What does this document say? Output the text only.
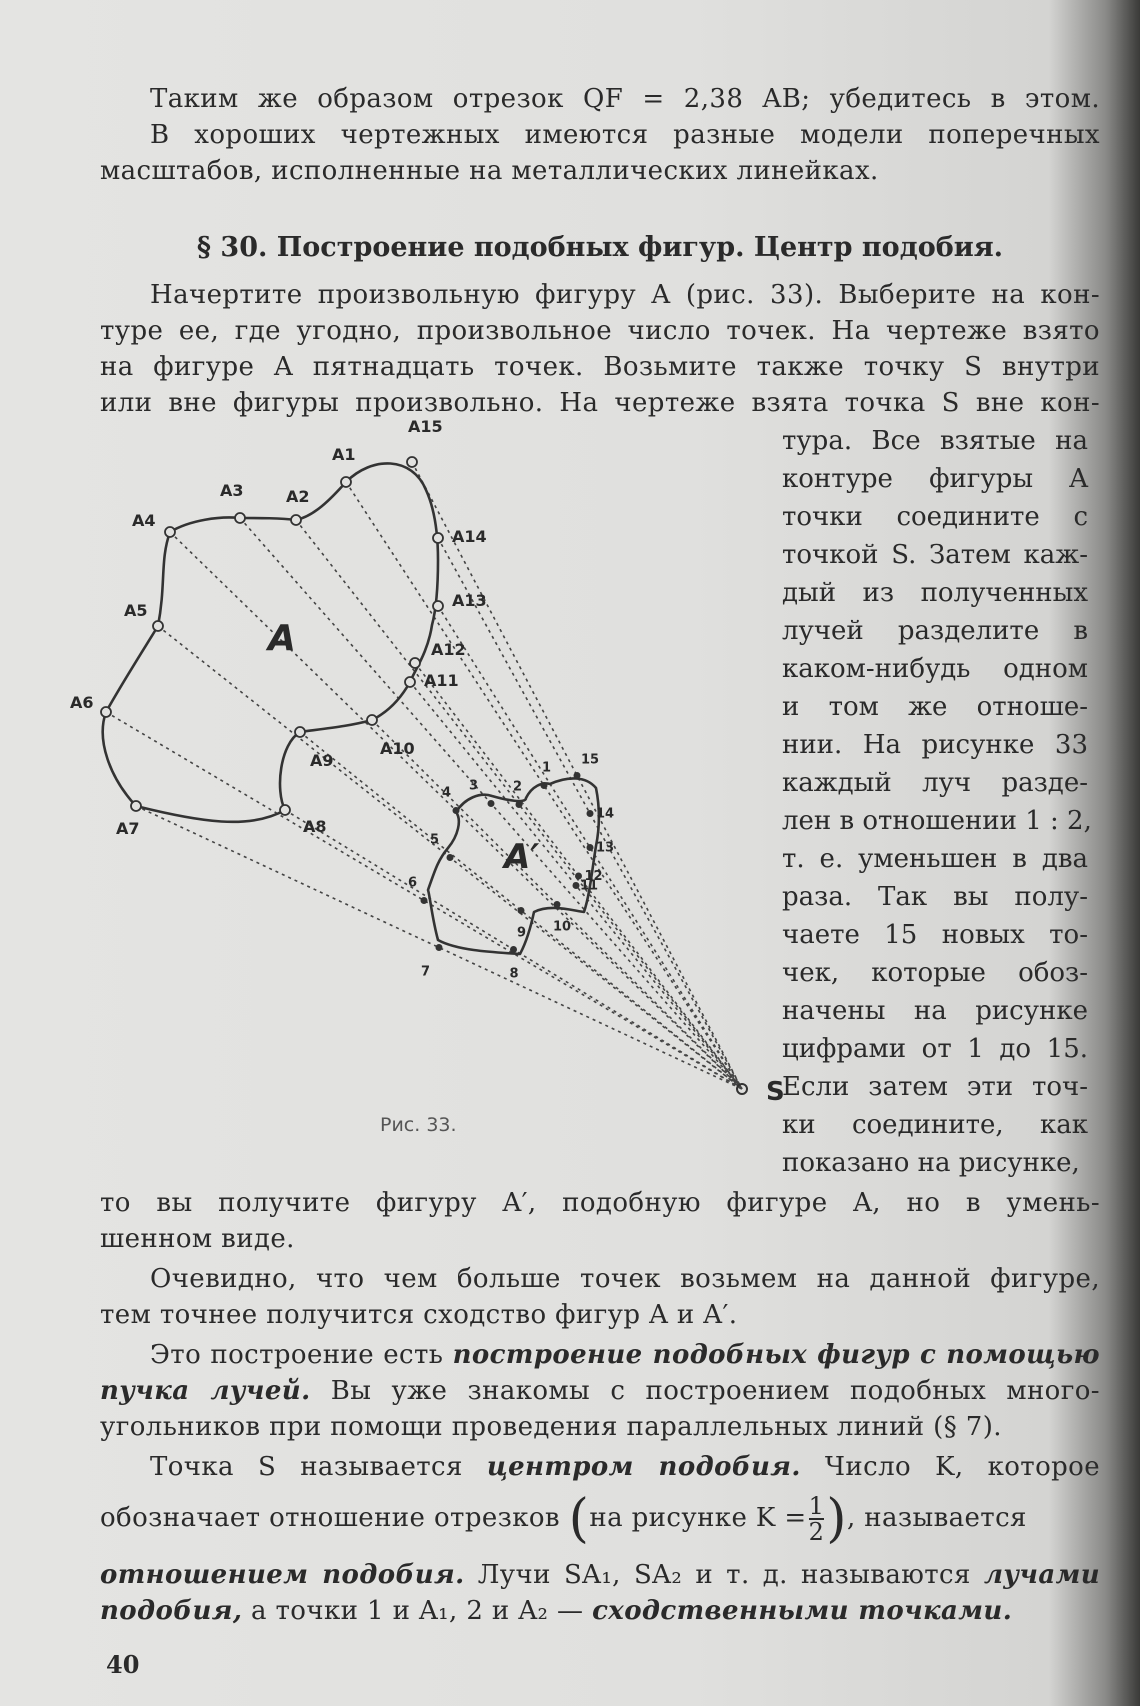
Таким же образом отрезок QF = 2,38 AB; убедитесь в этом.
В хороших чертежных имеются разные модели поперечных
масштабов, исполненные на металлических линейках.
§ 30. Построение подобных фигур. Центр подобия.
Начертите произвольную фигуру A (рис. 33). Выберите на кон-
туре ее, где угодно, произвольное число точек. На чертеже взято
на фигуре A пятнадцать точек. Возьмите также точку S внутри
или вне фигуры произвольно. На чертеже взята точка S вне кон-
тура. Все взятые на
контуре фигуры A
точки соедините с
точкой S. Затем каж-
дый из полученных
лучей разделите в
каком-нибудь одном
и том же отноше-
нии. На рисунке 33
каждый луч разде-
лен в отношении 1 : 2,
т. е. уменьшен в два
раза. Так вы полу-
чаете 15 новых то-
чек, которые обоз-
начены на рисунке
цифрами от 1 до 15.
Если затем эти точ-
ки соедините, как
показано на рисунке,
A1
A2
A3
A4
A5
A6
A7	A8
A9
A10
A11
A12
A13
A14
A15
1
2
3
4
5
6
7	8
9 10
11
12
13
14
15
S
A
A′
Рис. 33.
то вы получите фигуру A′, подобную фигуре A, но в умень-
шенном виде.
Очевидно, что чем больше точек возьмем на данной фигуре,
тем точнее получится сходство фигур A и A′.
Это построение есть построение подобных фигур с помощью
пучка лучей. Вы уже знакомы с построением подобных много-
угольников при помощи проведения параллельных линий (§ 7).
Точка S называется центром подобия. Число K, которое
обозначает отношение отрезков (на рисунке $K = \frac{1}{2}$ ), называется
отношением подобия. Лучи SA₁, SA₂ и т. д. называются лучами
подобия, а точки 1 и A₁, 2 и A₂ — сходственными точками.
40
